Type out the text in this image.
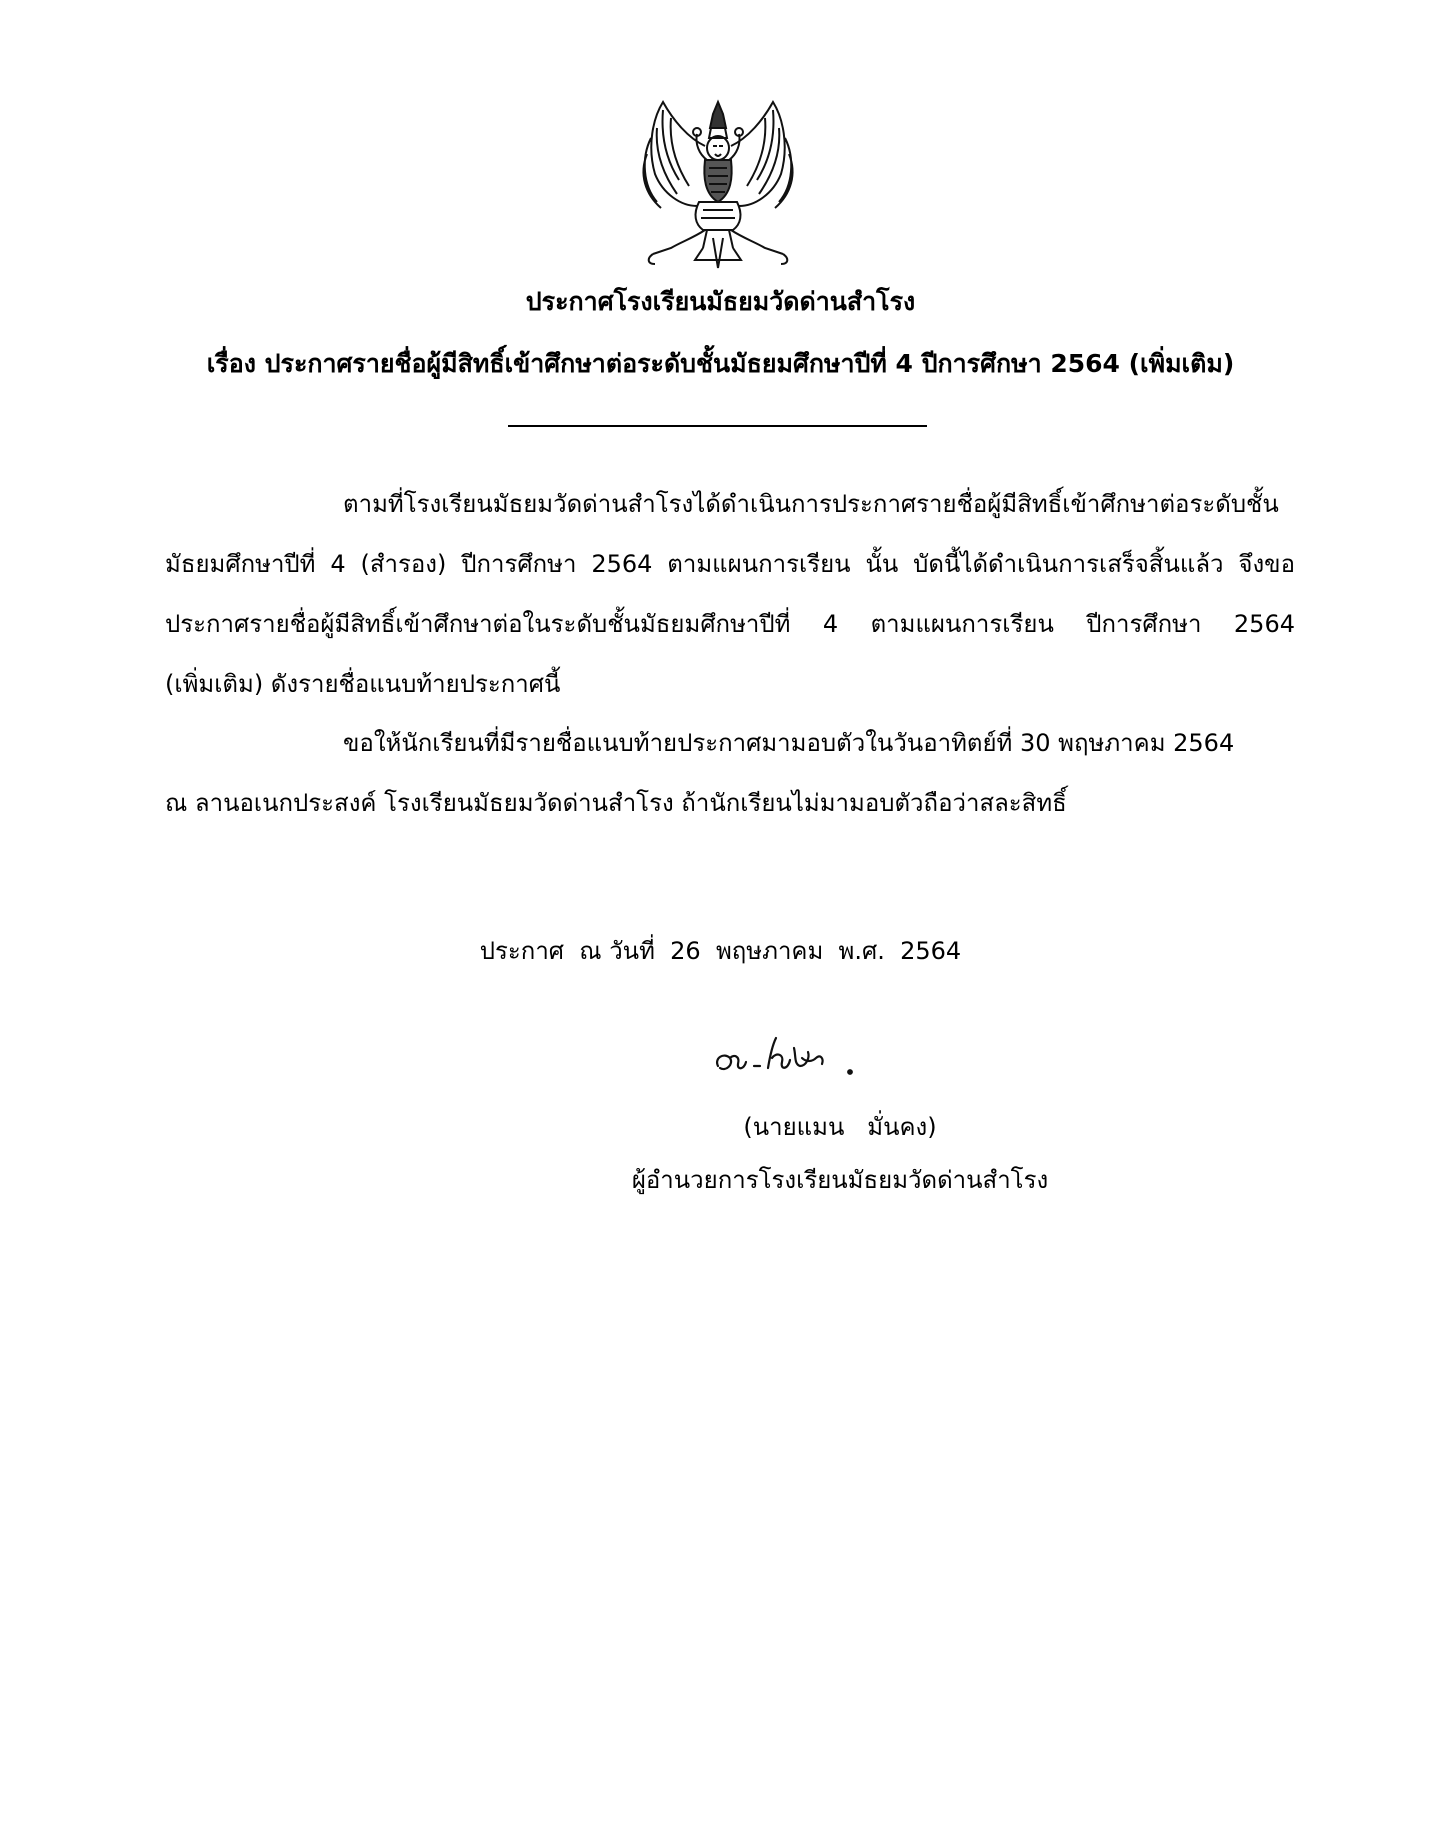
ประกาศโรงเรียนมัธยมวัดด่านสำโรง
เรื่อง ประกาศรายชื่อผู้มีสิทธิ์เข้าศึกษาต่อระดับชั้นมัธยมศึกษาปีที่ 4 ปีการศึกษา 2564 (เพิ่มเติม)
ตามที่โรงเรียนมัธยมวัดด่านสำโรงได้ดำเนินการประกาศรายชื่อผู้มีสิทธิ์เข้าศึกษาต่อระดับชั้น
มัธยมศึกษาปีที่ 4 (สำรอง) ปีการศึกษา 2564 ตามแผนการเรียน นั้น บัดนี้ได้ดำเนินการเสร็จสิ้นแล้ว จึงขอ
ประกาศรายชื่อผู้มีสิทธิ์เข้าศึกษาต่อในระดับชั้นมัธยมศึกษาปีที่ 4 ตามแผนการเรียน ปีการศึกษา 2564
(เพิ่มเติม) ดังรายชื่อแนบท้ายประกาศนี้
ขอให้นักเรียนที่มีรายชื่อแนบท้ายประกาศมามอบตัวในวันอาทิตย์ที่ 30 พฤษภาคม 2564
ณ ลานอเนกประสงค์ โรงเรียนมัธยมวัดด่านสำโรง ถ้านักเรียนไม่มามอบตัวถือว่าสละสิทธิ์
ประกาศ  ณ วันที่  26  พฤษภาคม  พ.ศ.  2564
(นายแมน   มั่นคง)
ผู้อำนวยการโรงเรียนมัธยมวัดด่านสำโรง
